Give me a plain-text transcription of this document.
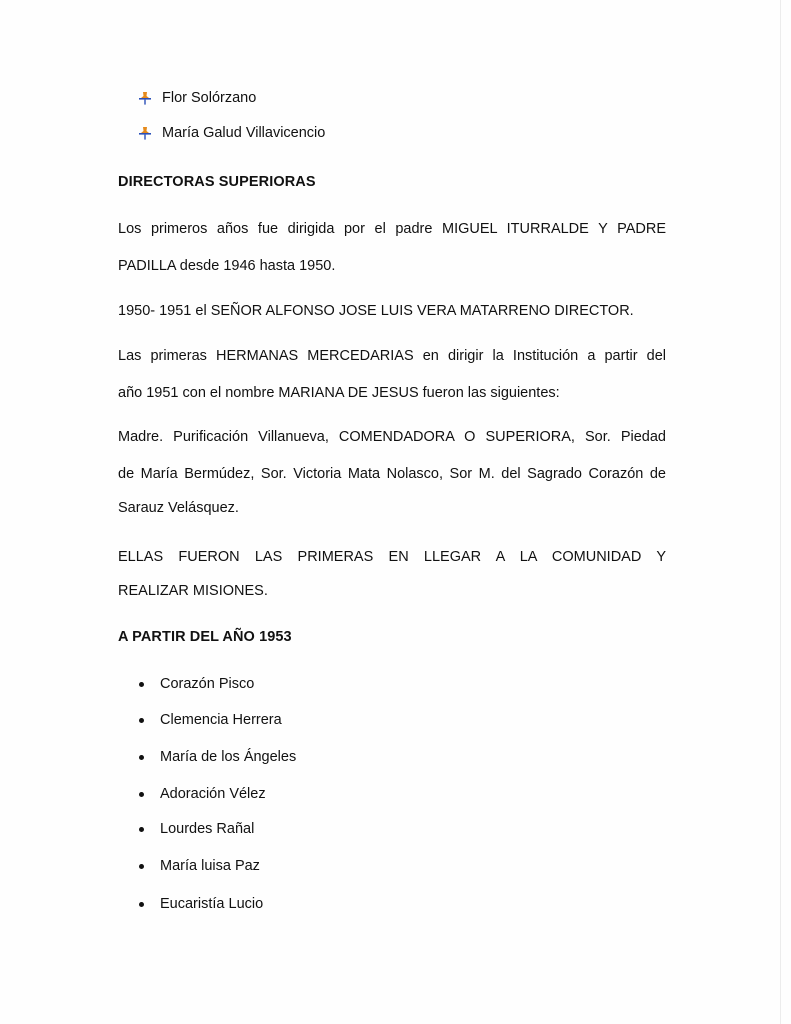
Flor Solórzano
María Galud Villavicencio
DIRECTORAS SUPERIORAS
Los primeros años fue dirigida por el padre MIGUEL ITURRALDE Y PADRE
PADILLA desde 1946 hasta 1950.
1950- 1951 el SEÑOR ALFONSO JOSE LUIS VERA MATARRENO DIRECTOR.
Las primeras HERMANAS MERCEDARIAS en dirigir la Institución a partir del
año 1951 con el nombre MARIANA DE JESUS fueron las siguientes:
Madre. Purificación Villanueva, COMENDADORA O SUPERIORA, Sor. Piedad
de María Bermúdez, Sor. Victoria Mata Nolasco, Sor M. del Sagrado Corazón de
Sarauz Velásquez.
ELLAS FUERON LAS PRIMERAS EN LLEGAR A LA COMUNIDAD Y
REALIZAR MISIONES.
A PARTIR DEL AÑO 1953
Corazón Pisco
Clemencia Herrera
María de los Ángeles
Adoración Vélez
Lourdes Rañal
María luisa Paz
Eucaristía Lucio
